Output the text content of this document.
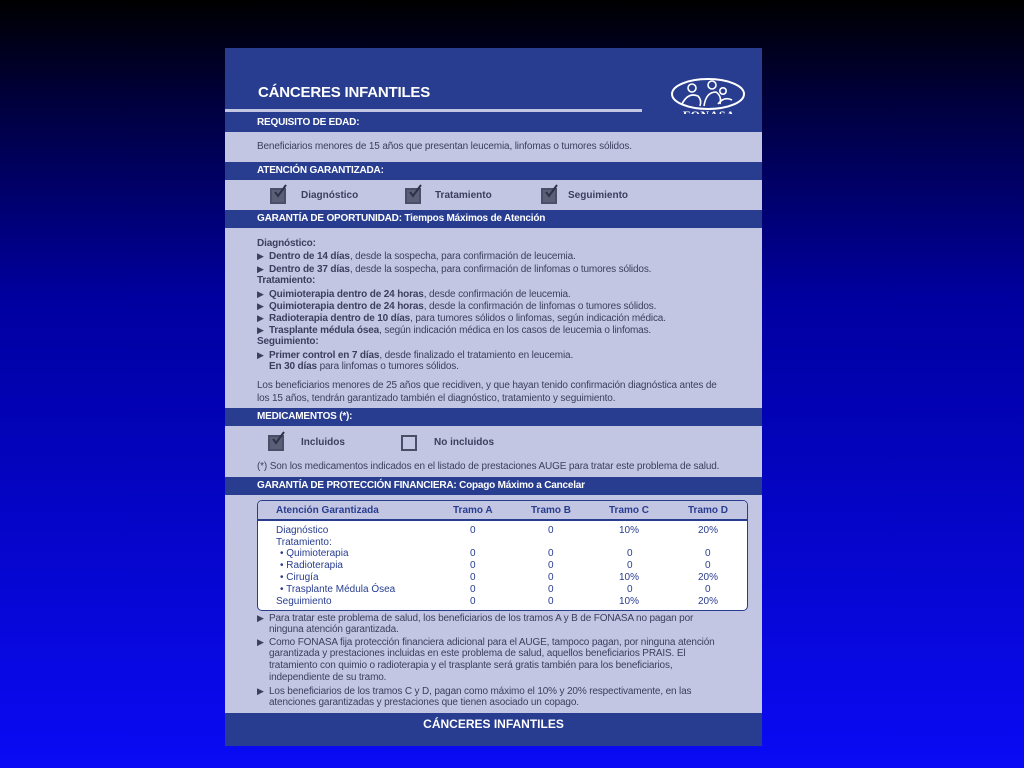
CÁNCERES INFANTILES
REQUISITO DE EDAD:
Beneficiarios menores de 15 años que presentan leucemia, linfomas o tumores sólidos.
ATENCIÓN GARANTIZADA:
Diagnóstico	Tratamiento	Seguimiento
GARANTÍA DE OPORTUNIDAD: Tiempos Máximos de Atención
Diagnóstico:
▶ Dentro de 14 días, desde la sospecha, para confirmación de leucemia.
▶ Dentro de 37 días, desde la sospecha, para confirmación de linfomas o tumores sólidos.
Tratamiento:
▶ Quimioterapia dentro de 24 horas, desde confirmación de leucemia.
▶ Quimioterapia dentro de 24 horas, desde la confirmación de linfomas o tumores sólidos.
▶ Radioterapia dentro de 10 días, para tumores sólidos o linfomas, según indicación médica.
▶ Trasplante médula ósea, según indicación médica en los casos de leucemia o linfomas.
Seguimiento:
▶ Primer control en 7 días, desde finalizado el tratamiento en leucemia.
En 30 días para linfomas o tumores sólidos.
Los beneficiarios menores de 25 años que recidiven, y que hayan tenido confirmación diagnóstica antes de
los 15 años, tendrán garantizado también el diagnóstico, tratamiento y seguimiento.
MEDICAMENTOS (*):
Incluidos	No incluidos
(*) Son los medicamentos indicados en el listado de prestaciones AUGE para tratar este problema de salud.
GARANTÍA DE PROTECCIÓN FINANCIERA: Copago Máximo a Cancelar
Atención Garantizada	Tramo A	Tramo B	Tramo C	Tramo D
Diagnóstico	0	0	10%	20%
Tratamiento:
• Quimioterapia	0	0	0	0
• Radioterapia	0	0	0	0
• Cirugía	0	0	10%	20%
• Trasplante Médula Ósea	0	0	0	0
Seguimiento	0	0	10%	20%
▶ Para tratar este problema de salud, los beneficiarios de los tramos A y B de FONASA no pagan por
ninguna atención garantizada.
▶ Como FONASA fija protección financiera adicional para el AUGE, tampoco pagan, por ninguna atención
garantizada y prestaciones incluidas en este problema de salud, aquellos beneficiarios PRAIS. El
tratamiento con quimio o radioterapia y el trasplante será gratis también para los beneficiarios,
independiente de su tramo.
▶ Los beneficiarios de los tramos C y D, pagan como máximo el 10% y 20% respectivamente, en las
atenciones garantizadas y prestaciones que tienen asociado un copago.
CÁNCERES INFANTILES
